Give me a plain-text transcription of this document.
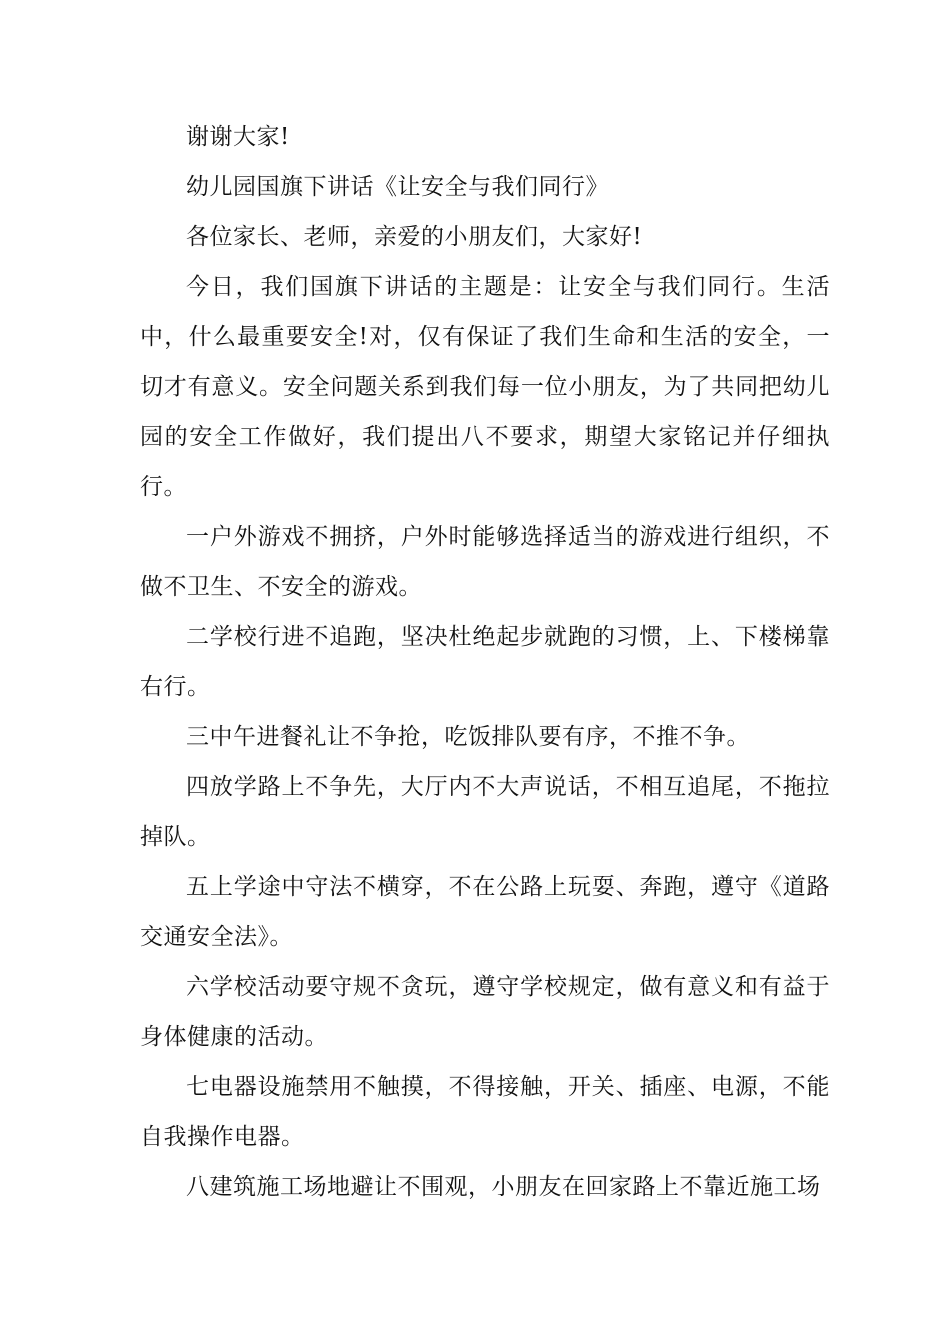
谢谢大家!

幼儿园国旗下讲话《让安全与我们同行》

各位家长、老师，亲爱的小朋友们，大家好!

今日，我们国旗下讲话的主题是：让安全与我们同行。生活中，什么最重要安全!对，仅有保证了我们生命和生活的安全，一切才有意义。安全问题关系到我们每一位小朋友，为了共同把幼儿园的安全工作做好，我们提出八不要求，期望大家铭记并仔细执行。

一户外游戏不拥挤，户外时能够选择适当的游戏进行组织，不做不卫生、不安全的游戏。

二学校行进不追跑，坚决杜绝起步就跑的习惯，上、下楼梯靠右行。

三中午进餐礼让不争抢，吃饭排队要有序，不推不争。

四放学路上不争先，大厅内不大声说话，不相互追尾，不拖拉掉队。

五上学途中守法不横穿，不在公路上玩耍、奔跑，遵守《道路交通安全法》。

六学校活动要守规不贪玩，遵守学校规定，做有意义和有益于身体健康的活动。

七电器设施禁用不触摸，不得接触，开关、插座、电源，不能自我操作电器。

八建筑施工场地避让不围观，小朋友在回家路上不靠近施工场
